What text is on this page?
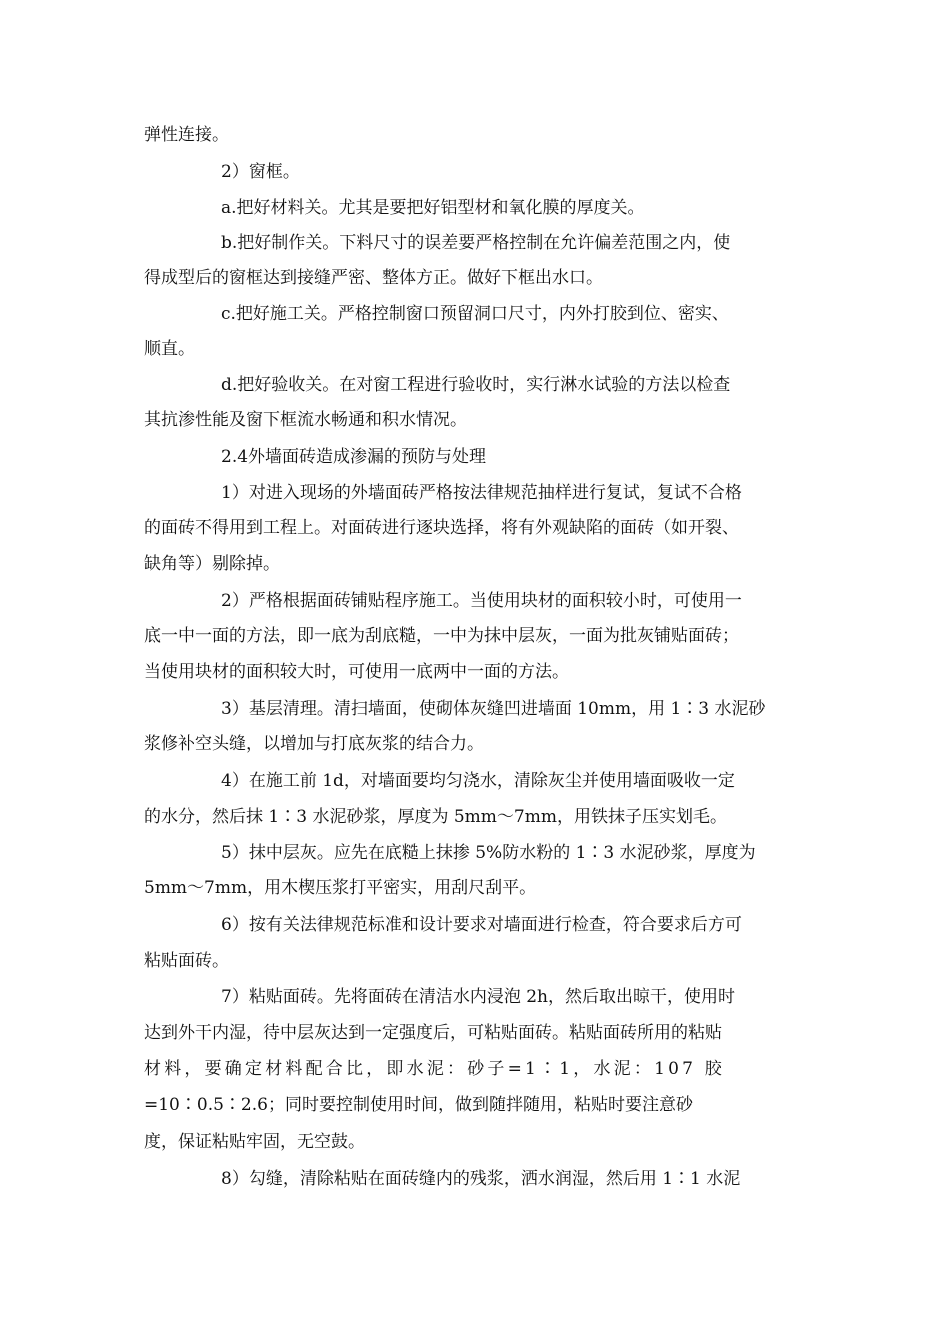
弹性连接。
2）窗框。
a.把好材料关。尤其是要把好铝型材和氧化膜的厚度关。
b.把好制作关。下料尺寸的误差要严格控制在允许偏差范围之内，使
得成型后的窗框达到接缝严密、整体方正。做好下框出水口。
c.把好施工关。严格控制窗口预留洞口尺寸，内外打胶到位、密实、
顺直。
d.把好验收关。在对窗工程进行验收时，实行淋水试验的方法以检查
其抗渗性能及窗下框流水畅通和积水情况。
2.4外墙面砖造成渗漏的预防与处理
1）对进入现场的外墙面砖严格按法律规范抽样进行复试，复试不合格
的面砖不得用到工程上。对面砖进行逐块选择，将有外观缺陷的面砖（如开裂、
缺角等）剔除掉。
2）严格根据面砖铺贴程序施工。当使用块材的面积较小时，可使用一
底一中一面的方法，即一底为刮底糙，一中为抹中层灰，一面为批灰铺贴面砖；
当使用块材的面积较大时，可使用一底两中一面的方法。
3）基层清理。清扫墙面，使砌体灰缝凹进墙面 10mm，用 1∶3 水泥砂
浆修补空头缝，以增加与打底灰浆的结合力。
4）在施工前 1d，对墙面要均匀浇水，清除灰尘并使用墙面吸收一定
的水分，然后抹 1∶3 水泥砂浆，厚度为 5mm～7mm，用铁抹子压实划毛。
5）抹中层灰。应先在底糙上抹掺 5%防水粉的 1∶3 水泥砂浆，厚度为
5mm～7mm，用木楔压浆打平密实，用刮尺刮平。
6）按有关法律规范标准和设计要求对墙面进行检查，符合要求后方可
粘贴面砖。
7）粘贴面砖。先将面砖在清洁水内浸泡 2h，然后取出晾干，使用时
达到外干内湿，待中层灰达到一定强度后，可粘贴面砖。粘贴面砖所用的粘贴
材料，要确定材料配合比，即水泥：砂子=1∶1，水泥：107 胶
=10∶0.5∶2.6；同时要控制使用时间，做到随拌随用，粘贴时要注意砂
度，保证粘贴牢固，无空鼓。
8）勾缝，清除粘贴在面砖缝内的残浆，洒水润湿，然后用 1∶1 水泥
